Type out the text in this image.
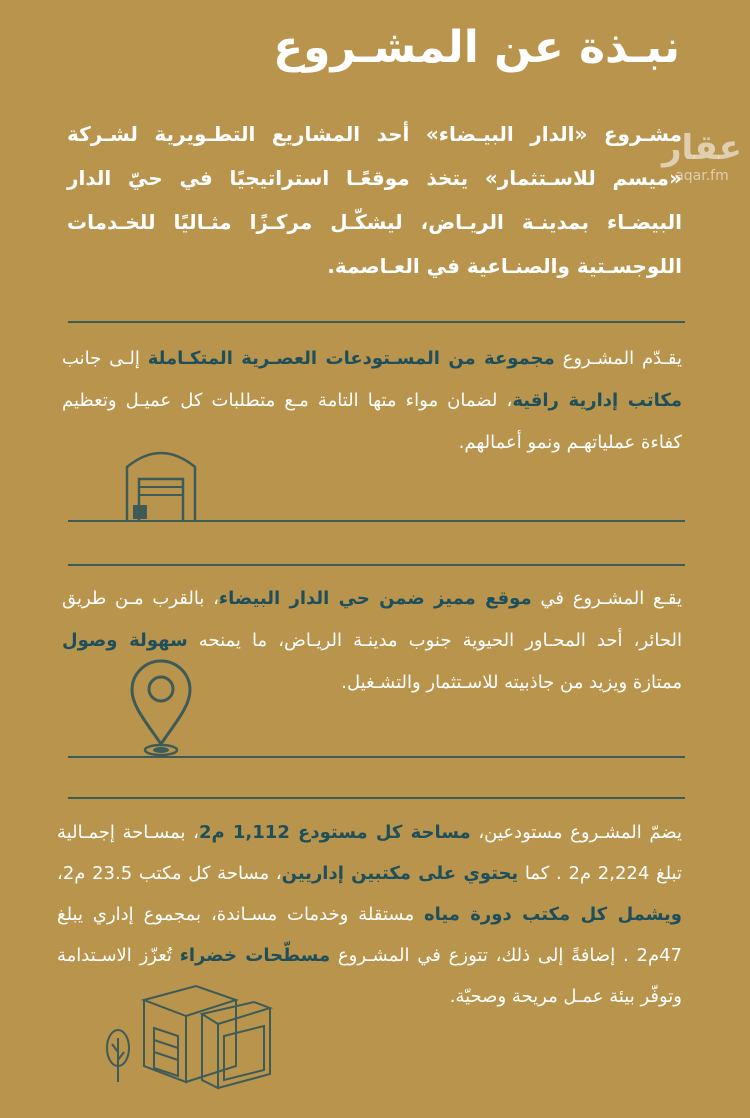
نبـذة عن المشـروع
عقار
aqar.fm
مشـروع «الدار البيـضاء» أحد المشاريع التطـويرية لشـركة «ميسم للاسـتثمار» يتخذ موقعًـا استراتيجيًا في حيّ الدار البيضـاء بمدينـة الريـاض، ليشكّـل مركـزًا مثـاليًا للخـدمات اللوجسـتية والصنـاعية في العـاصمة.
يقـدّم المشـروع مجموعة من المسـتودعات العصـرية المتكـاملة إلـى جانب مكاتب إدارية راقية، لضمان مواء متها التامة مـع متطلبات كل عميـل وتعظيم كفاءة عملياتهـم ونمو أعمالهم.
يقـع المشـروع في موقع مميز ضمن حي الدار البيضاء، بالقرب مـن طريق الحائر، أحد المحـاور الحيوية جنوب مدينـة الريـاض، ما يمنحه سهولة وصول ممتازة ويزيد من جاذبيته للاسـتثمار والتشـغيل.
يضمّ المشـروع مستودعين، مساحة كل مستودع 1,112 م2، بمسـاحة إجمـالية تبلغ 2,224 م2 . كما يحتوي على مكتبين إداريين، مساحة كل مكتب 23.5 م2، ويشمل كل مكتب دورة مياه مستقلة وخدمات مسـاندة، بمجموع إداري يبلغ 47م2 . إضافةً إلى ذلك، تتوزع في المشـروع مسطّحات خضراء تُعزّز الاسـتدامة وتوفّر بيئة عمـل مريحة وصحيّة.
